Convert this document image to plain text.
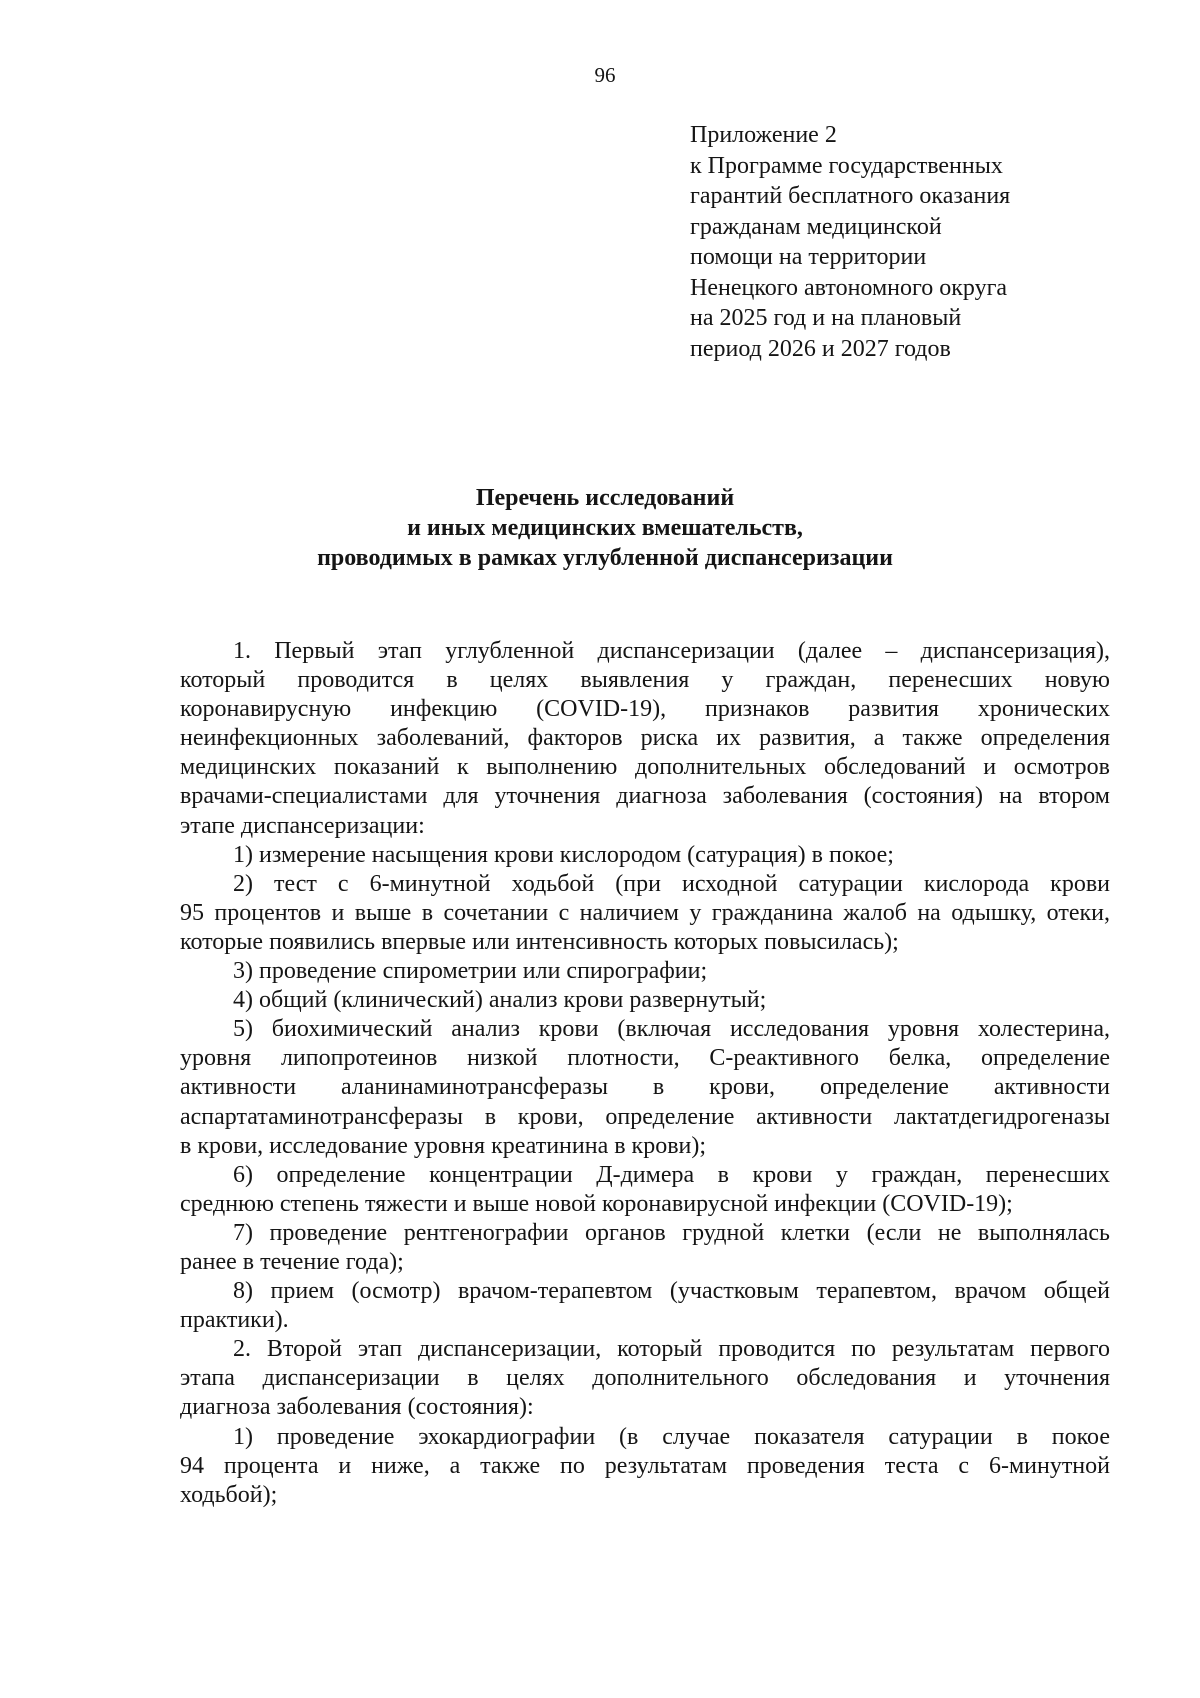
96
Приложение 2
к Программе государственных
гарантий бесплатного оказания
гражданам медицинской
помощи на территории
Ненецкого автономного округа
на 2025 год и на плановый
период 2026 и 2027 годов
Перечень исследований
и иных медицинских вмешательств,
проводимых в рамках углубленной диспансеризации
1. Первый этап углубленной диспансеризации (далее – диспансеризация),
который проводится в целях выявления у граждан, перенесших новую
коронавирусную инфекцию (COVID-19), признаков развития хронических
неинфекционных заболеваний, факторов риска их развития, а также определения
медицинских показаний к выполнению дополнительных обследований и осмотров
врачами-специалистами для уточнения диагноза заболевания (состояния) на втором
этапе диспансеризации:
1) измерение насыщения крови кислородом (сатурация) в покое;
2) тест с 6-минутной ходьбой (при исходной сатурации кислорода крови
95 процентов и выше в сочетании с наличием у гражданина жалоб на одышку, отеки,
которые появились впервые или интенсивность которых повысилась);
3) проведение спирометрии или спирографии;
4) общий (клинический) анализ крови развернутый;
5) биохимический анализ крови (включая исследования уровня холестерина,
уровня липопротеинов низкой плотности, С-реактивного белка, определение
активности аланинаминотрансферазы в крови, определение активности
аспартатаминотрансферазы в крови, определение активности лактатдегидрогеназы
в крови, исследование уровня креатинина в крови);
6) определение концентрации Д-димера в крови у граждан, перенесших
среднюю степень тяжести и выше новой коронавирусной инфекции (COVID-19);
7) проведение рентгенографии органов грудной клетки (если не выполнялась
ранее в течение года);
8) прием (осмотр) врачом-терапевтом (участковым терапевтом, врачом общей
практики).
2. Второй этап диспансеризации, который проводится по результатам первого
этапа диспансеризации в целях дополнительного обследования и уточнения
диагноза заболевания (состояния):
1) проведение эхокардиографии (в случае показателя сатурации в покое
94 процента и ниже, а также по результатам проведения теста с 6-минутной
ходьбой);
